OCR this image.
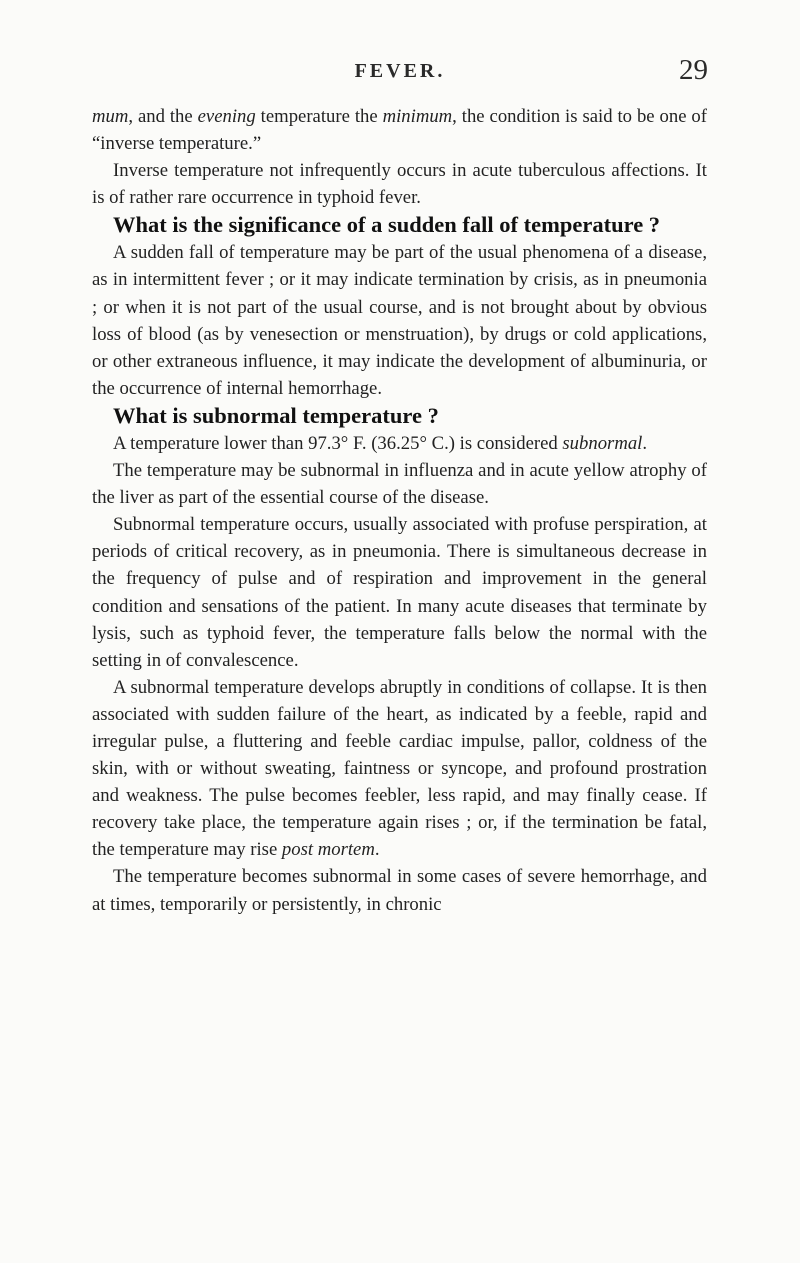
FEVER.	29

mum, and the evening temperature the minimum, the condition is said to be one of “inverse temperature.”

Inverse temperature not infrequently occurs in acute tuberculous affections. It is of rather rare occurrence in typhoid fever.

What is the significance of a sudden fall of temperature ?

A sudden fall of temperature may be part of the usual phenomena of a disease, as in intermittent fever ; or it may indicate termination by crisis, as in pneumonia ; or when it is not part of the usual course, and is not brought about by obvious loss of blood (as by venesection or menstruation), by drugs or cold applications, or other extraneous influence, it may indicate the development of albuminuria, or the occurrence of internal hemorrhage.

What is subnormal temperature ?

A temperature lower than 97.3° F. (36.25° C.) is considered subnormal.

The temperature may be subnormal in influenza and in acute yellow atrophy of the liver as part of the essential course of the disease.

Subnormal temperature occurs, usually associated with profuse perspiration, at periods of critical recovery, as in pneumonia. There is simultaneous decrease in the frequency of pulse and of respiration and improvement in the general condition and sensations of the patient. In many acute diseases that terminate by lysis, such as typhoid fever, the temperature falls below the normal with the setting in of convalescence.

A subnormal temperature develops abruptly in conditions of collapse. It is then associated with sudden failure of the heart, as indicated by a feeble, rapid and irregular pulse, a fluttering and feeble cardiac impulse, pallor, coldness of the skin, with or without sweating, faintness or syncope, and profound prostration and weakness. The pulse becomes feebler, less rapid, and may finally cease. If recovery take place, the temperature again rises ; or, if the termination be fatal, the temperature may rise post mortem.

The temperature becomes subnormal in some cases of severe hemorrhage, and at times, temporarily or persistently, in chronic
